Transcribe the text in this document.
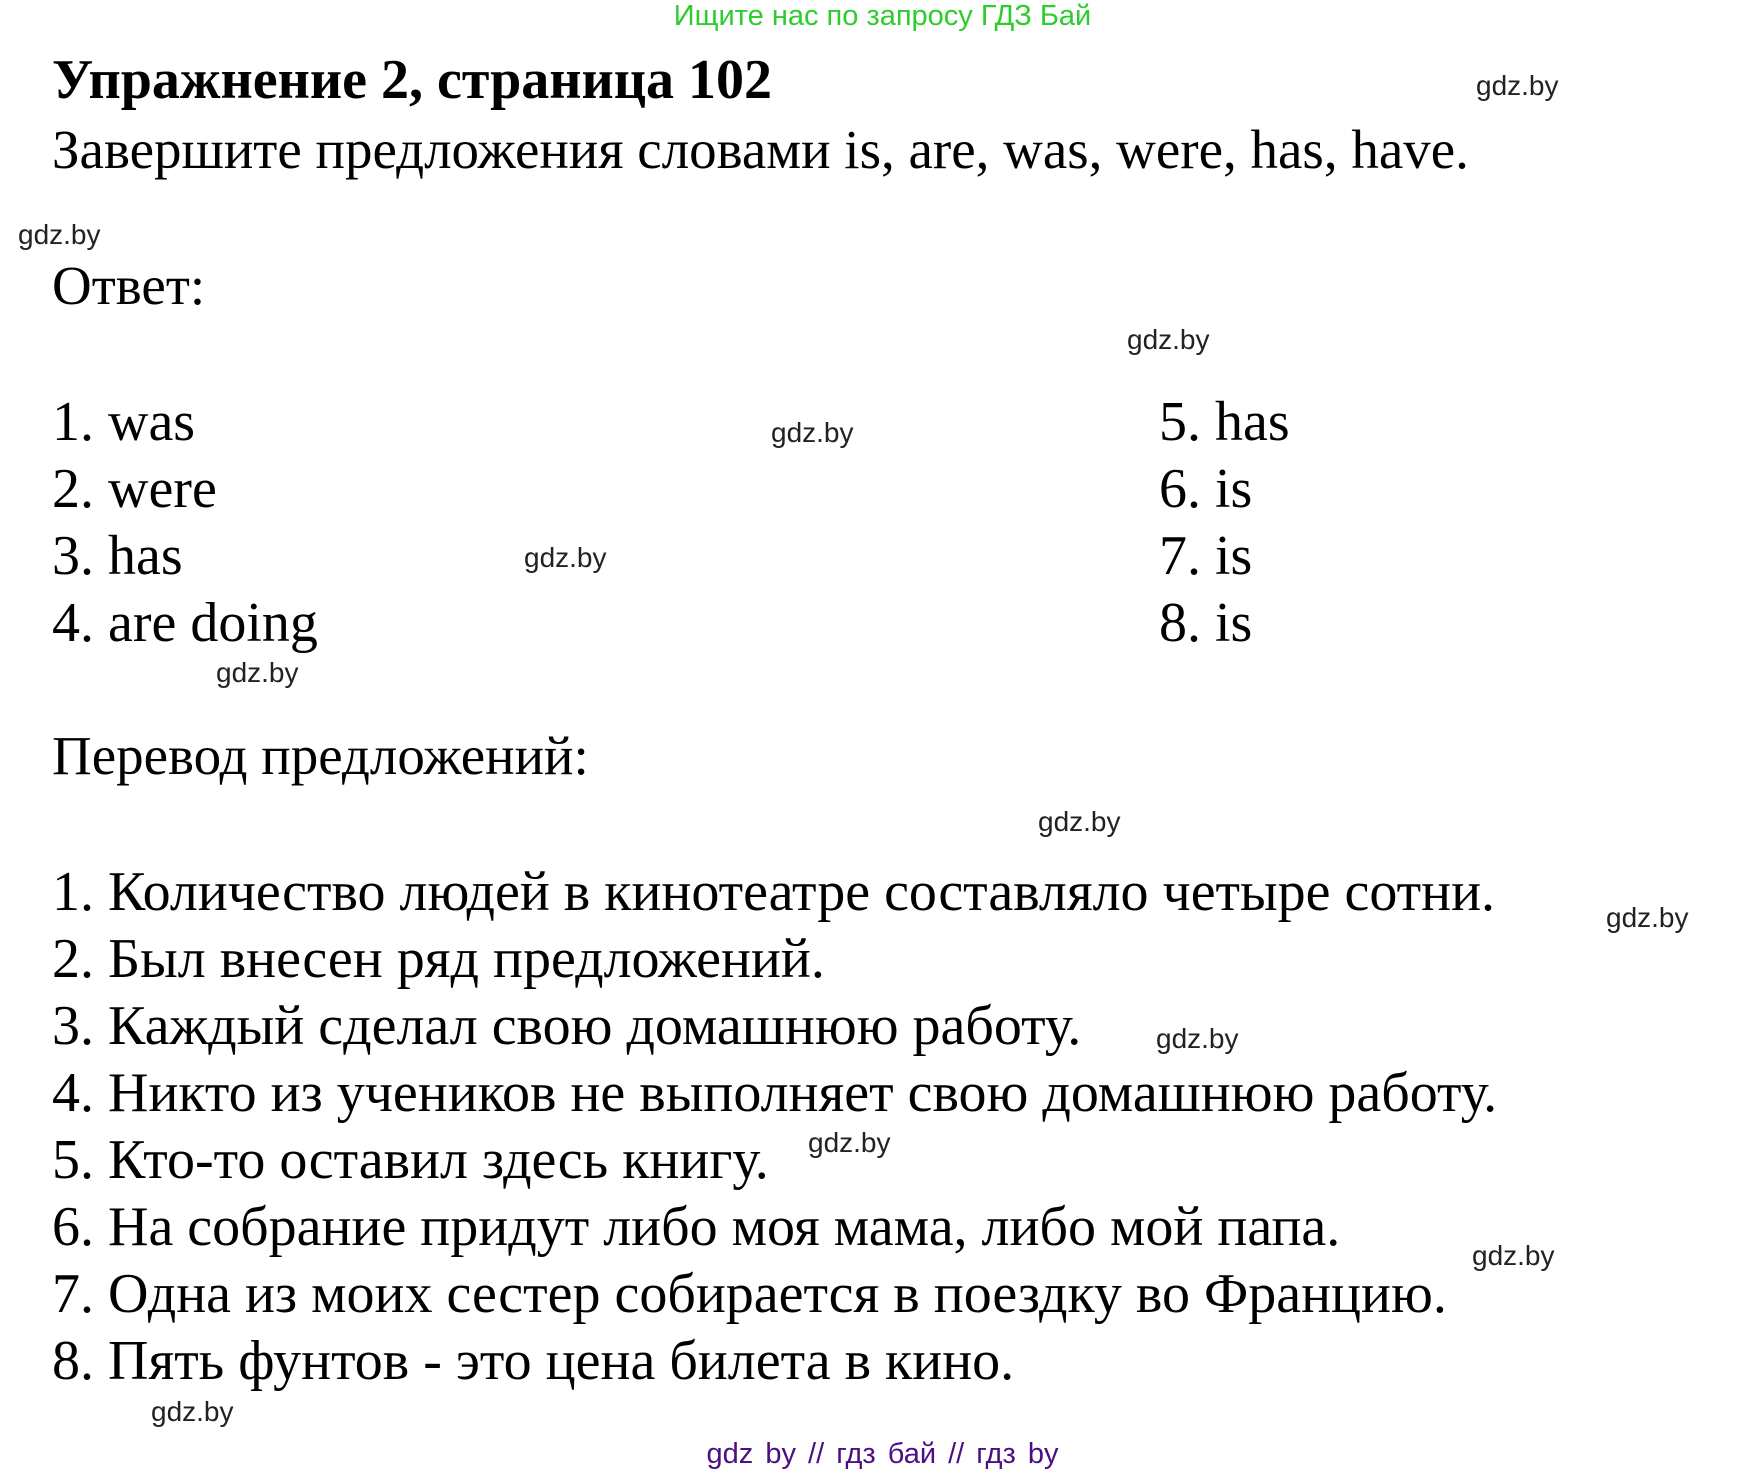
Ищите нас по запросу ГДЗ Бай
Упражнение 2, страница 102
Завершите предложения словами is, are, was, were, has, have.
Ответ:
1. was
2. were
3. has
4. are doing
5. has
6. is
7. is
8. is
Перевод предложений:
1. Количество людей в кинотеатре составляло четыре сотни.
2. Был внесен ряд предложений.
3. Каждый сделал свою домашнюю работу.
4. Никто из учеников не выполняет свою домашнюю работу.
5. Кто-то оставил здесь книгу.
6. На собрание придут либо моя мама, либо мой папа.
7. Одна из моих сестер собирается в поездку во Францию.
8. Пять фунтов - это цена билета в кино.
gdz.by
gdz.by
gdz.by
gdz.by
gdz.by
gdz.by
gdz.by
gdz.by
gdz.by
gdz.by
gdz.by
gdz.by
gdz by // гдз бай // гдз by
